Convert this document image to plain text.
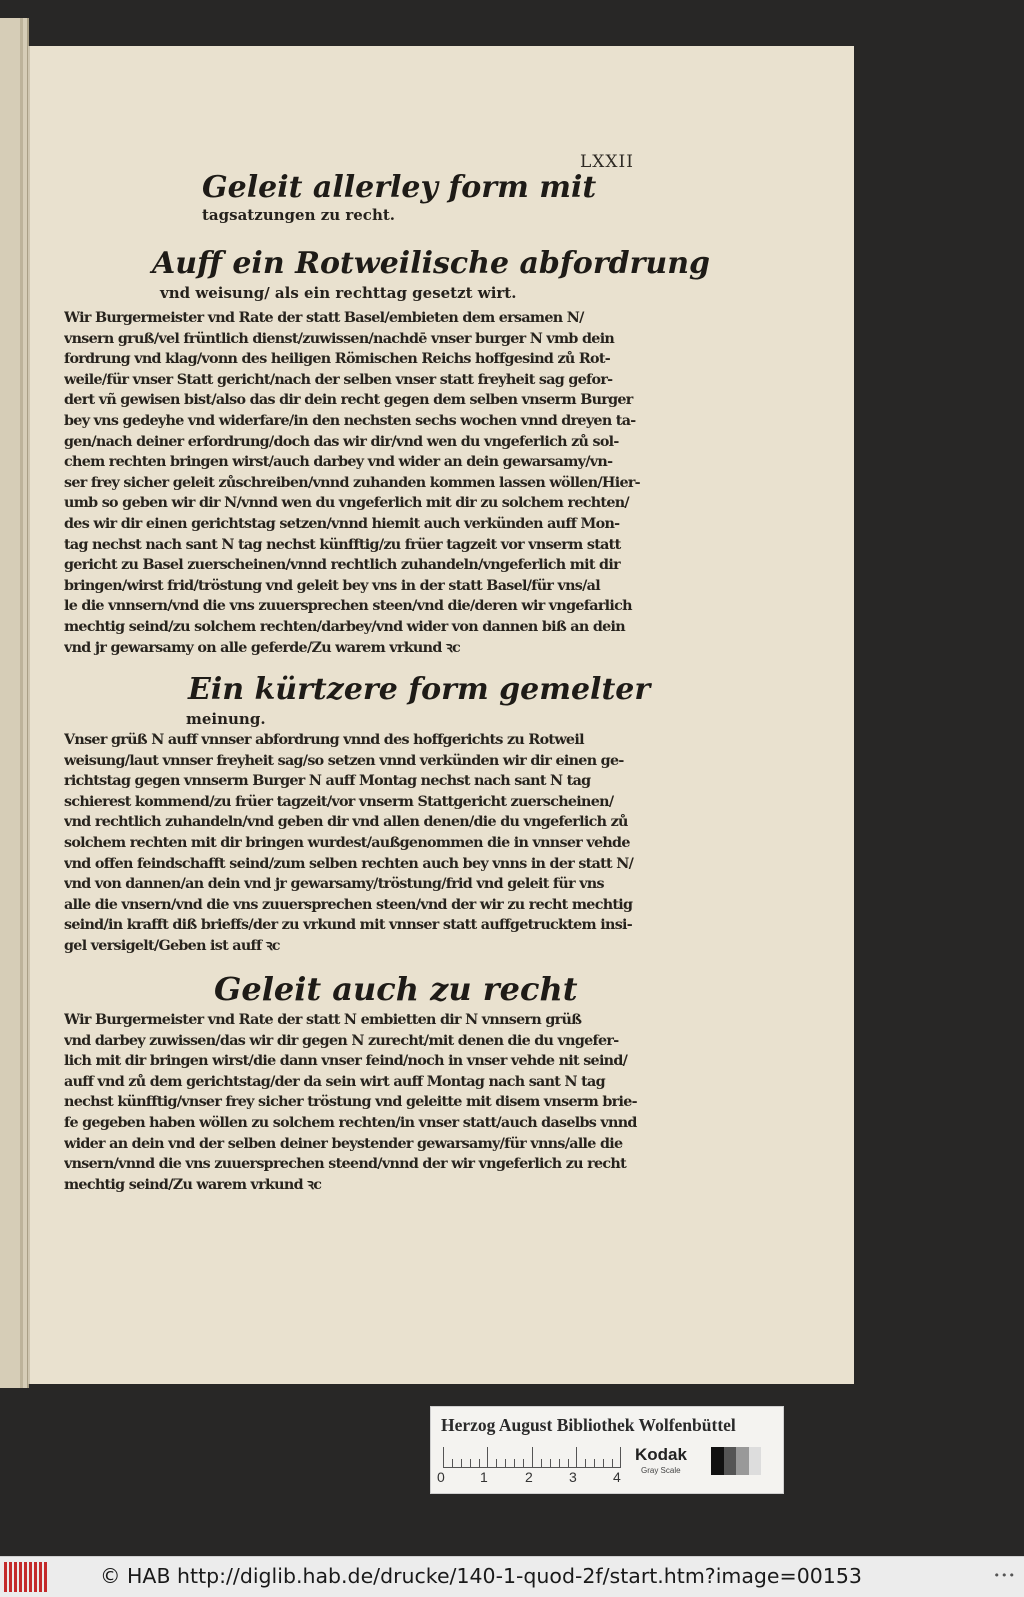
LXXII
Geleit allerley form mit
tagsatzungen zu recht.
Auff ein Rotweilische abfordrung
vnd weisung/ als ein rechttag gesetzt wirt.
Wir Burgermeister vnd Rate der statt Basel/embieten dem ersamen N/
vnsern gruß/vel früntlich dienst/zuwissen/nachdē vnser burger N vmb dein
fordrung vnd klag/vonn des heiligen Römischen Reichs hoffgesind zů Rot-
weile/für vnser Statt gericht/nach der selben vnser statt freyheit sag gefor-
dert vñ gewisen bist/also das dir dein recht gegen dem selben vnserm Burger
bey vns gedeyhe vnd widerfare/in den nechsten sechs wochen vnnd dreyen ta-
gen/nach deiner erfordrung/doch das wir dir/vnd wen du vngeferlich zů sol-
chem rechten bringen wirst/auch darbey vnd wider an dein gewarsamy/vn-
ser frey sicher geleit zůschreiben/vnnd zuhanden kommen lassen wöllen/Hier-
umb so geben wir dir N/vnnd wen du vngeferlich mit dir zu solchem rechten/
des wir dir einen gerichtstag setzen/vnnd hiemit auch verkünden auff Mon-
tag nechst nach sant N tag nechst künfftig/zu früer tagzeit vor vnserm statt
gericht zu Basel zuerscheinen/vnnd rechtlich zuhandeln/vngeferlich mit dir
bringen/wirst frid/tröstung vnd geleit bey vns in der statt Basel/für vns/al
le die vnnsern/vnd die vns zuuersprechen steen/vnd die/deren wir vngefarlich
mechtig seind/zu solchem rechten/darbey/vnd wider von dannen biß an dein
vnd jr gewarsamy on alle geferde/Zu warem vrkund ꝛc
Ein kürtzere form gemelter
meinung.
Vnser grüß N auff vnnser abfordrung vnnd des hoffgerichts zu Rotweil
weisung/laut vnnser freyheit sag/so setzen vnnd verkünden wir dir einen ge-
richtstag gegen vnnserm Burger N auff Montag nechst nach sant N tag
schierest kommend/zu früer tagzeit/vor vnserm Stattgericht zuerscheinen/
vnd rechtlich zuhandeln/vnd geben dir vnd allen denen/die du vngeferlich zů
solchem rechten mit dir bringen wurdest/außgenommen die in vnnser vehde
vnd offen feindschafft seind/zum selben rechten auch bey vnns in der statt N/
vnd von dannen/an dein vnd jr gewarsamy/tröstung/frid vnd geleit für vns
alle die vnsern/vnd die vns zuuersprechen steen/vnd der wir zu recht mechtig
seind/in krafft diß brieffs/der zu vrkund mit vnnser statt auffgetrucktem insi-
gel versigelt/Geben ist auff ꝛc
Geleit auch zu recht
Wir Burgermeister vnd Rate der statt N embietten dir N vnnsern grüß
vnd darbey zuwissen/das wir dir gegen N zurecht/mit denen die du vngefer-
lich mit dir bringen wirst/die dann vnser feind/noch in vnser vehde nit seind/
auff vnd zů dem gerichtstag/der da sein wirt auff Montag nach sant N tag
nechst künfftig/vnser frey sicher tröstung vnd geleitte mit disem vnserm brie-
fe gegeben haben wöllen zu solchem rechten/in vnser statt/auch daselbs vnnd
wider an dein vnd der selben deiner beystender gewarsamy/für vnns/alle die
vnsern/vnnd die vns zuuersprechen steend/vnnd der wir vngeferlich zu recht
mechtig seind/Zu warem vrkund ꝛc
Herzog August Bibliothek Wolfenbüttel
0	1	2	3	4
Kodak
Gray Scale
© HAB http://diglib.hab.de/drucke/140-1-quod-2f/start.htm?image=00153	•••
